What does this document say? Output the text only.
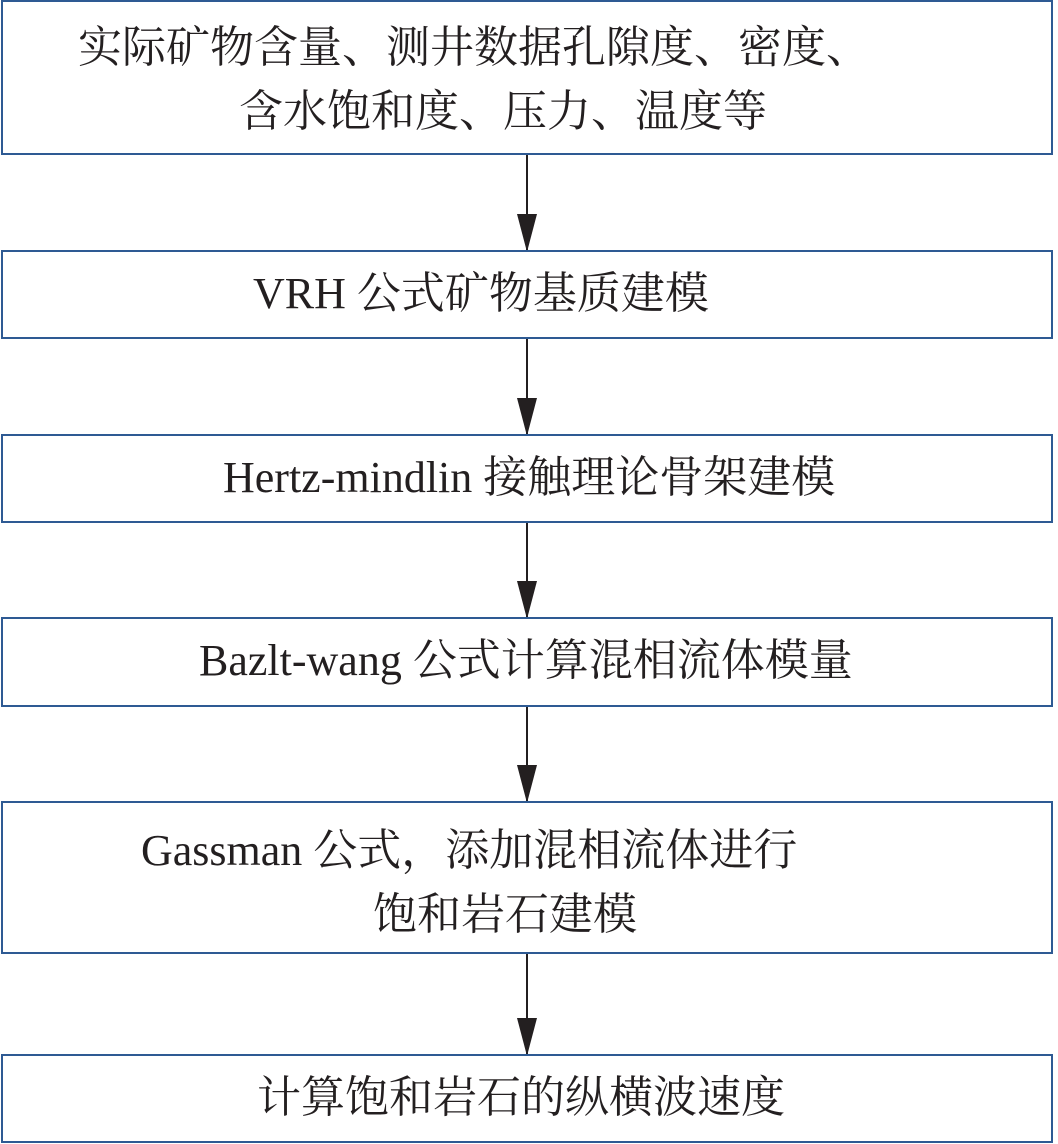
实际矿物含量、测井数据孔隙度、密度、
含水饱和度、压力、温度等
VRH 公式矿物基质建模
Hertz-mindlin 接触理论骨架建模
Bazlt-wang 公式计算混相流体模量
Gassman 公式，添加混相流体进行
饱和岩石建模
计算饱和岩石的纵横波速度
